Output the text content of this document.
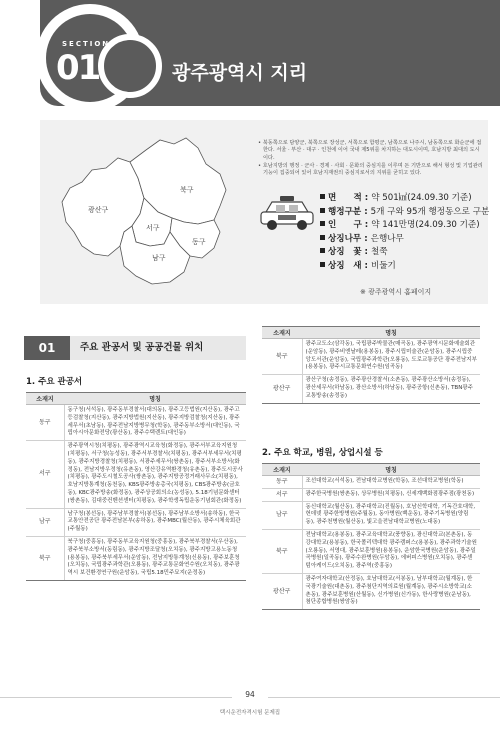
SECTION
01	광주광역시 지리
북구
광산구
서구
동구
남구

• 북동쪽으로 담양군, 북쪽으로 장성군, 서쪽으로 함평군, 남쪽으로 나주시, 남동쪽으로 화순군에 접한다. 서울 · 부산 · 대구 · 인천에 이어 국내 제5위를 차지하는 대도시이며, 호남지방 최대의 도시이다.

• 호남지방의 행정 · 군사 · 경제 · 사회 · 문화의 중심지를 이루며 돈 기반으로 해서 형성 및 기업관리기능이 집중되어 있어 호남지재권의 중심지로서의 지위를 굳히고 있다.

면　　적 : 약 501㎢(24.09.30 기준)
행정구분 : 5개 구와 95개 행정동으로 구분
인　　구 : 약 141만명(24.09.30 기준)
상징나무 : 은행나무
상징　꽃 : 철쭉
상징　새 : 비둘기
※ 광주광역시 홈페이지
01	주요 관공서 및 공공건물 위치
1. 주요 관공서
소재지	명칭
동구	동구청(서석동), 광주동부경찰서(대의동), 광주고등법원(지산동), 광주고등검찰청(지산동), 광주지방법원(지산동), 광주지방검찰청(지산동), 광주세무서(초남동), 광주전남지방병무청(학동), 광주동부소방서(대인동), 국립아시아문화전당(광산동), 광주수택렌트(대인동)
서구	광주광역시청(치평동), 광주광역시교육청(화정동), 광주서부교육지원청(치평동), 서구청(농성동), 광주서부경찰서(치평동), 광주서부세무서(치평동), 광주지방경찰청(치평동), 서광주세무서(쌍촌동), 광주서부소방서(화정동), 전남지방우정청(유촌동), 영산강유역환경청(유촌동), 광주도시공사(치평동), 광주도시철도공사(쌍촌동), 광주지방공정거래사무소(치평동), 호남지방통계청(동천동), KBS광주방송총국(치평동), CBS광주방송(금호동), KBC광주방송(화정동), 광주상공회의소(농성동), 5.18기념문화센터(쌍촌동), 김대중컨벤션센터(치평동), 광주학생독립운동기념회관(화정동)
남구	남구청(봉선동), 광주남부경찰서(봉선동), 광주남부소방서(송하동), 한국교통안전공단 광주전남본부(송하동), 광주MBC(월산동), 광주시체육회관(주월동)
북구	북구청(중흥동), 광주동부교육지원청(중흥동), 광주북부경찰서(우산동), 광주북부소방서(동림동), 광주지방조달청(오치동), 광주지방고용노동청(용봉동), 광주북부세무서(운암동), 전남지방통계청(신용동), 광주보훈청(오치동), 국립광주과학관(오룡동), 광주교통문화연수원(오치동), 광주광역시 보건환경연구원(운암동), 국립5.18민주묘지(운정동)
소재지	명칭
북구	광주교도소(삼각동), 국립광주박물관(매곡동), 광주광역시문화예술회관(운암동), 광주비엔날레(용봉동), 광주시립미술관(운암동), 광주시립중앙도서관(운암동), 국립광주과학관(오룡동), 도로교통공단 광주전남지부(용봉동), 광주시교통문화연수원(임곡동)
광산구	광산구청(송정동), 광주광산경찰서(소촌동), 광주광산소방서(송정동), 광산세무서(하남동), 광산소방서(하남동), 광주공항(신촌동), TBN광주교통방송(송정동)
2. 주요 학교, 병원, 상업시설 등
소재지	명칭
동구	조선대학교(서석동), 전남대학교병원(학동), 조선대학교병원(학동)
서구	광주한국병원(쌍촌동), 상무병원(치평동), 신세계백화점광주점(광천동)
남구	동신대학교(월산동), 광주대학교(진월동), 호남신학대학, 기독간호대학, 헌데넷 광주한방병원(주월동), 동아병원(백운동), 광주기독병원(양림동), 광주천병원(월산동), 빛고을전남대학교병원(노대동)
북구	전남대학교(용봉동), 광주교육대학교(풍향동), 광신대학교(본촌동), 동강대학교(용봉동), 한국폴리텍대학 광주캠퍼스(용봉동), 광주과학기술원(오룡동), 서영대, 광주보훈병원(용봉동), 운암한국병원(운암동), 광주일곡병원(일곡동), 광주수완병원(두암동), 에버피스병원(오치동), 광주센텀아케이드(오치동), 광주역(중흥동)
광산구	광주여자대학교(산정동), 호남대학교(서봉동), 남부대학교(월계동), 한국광기술원(대촌동), 광주첨단지역의료원(월계동), 광주시소방학교(소촌동), 광주보훈병원(산월동), 신가병원(신가동), 한사랑병원(운남동), 첨단종합병원(쌍암동)
94
택시운전자격시험 문제집
